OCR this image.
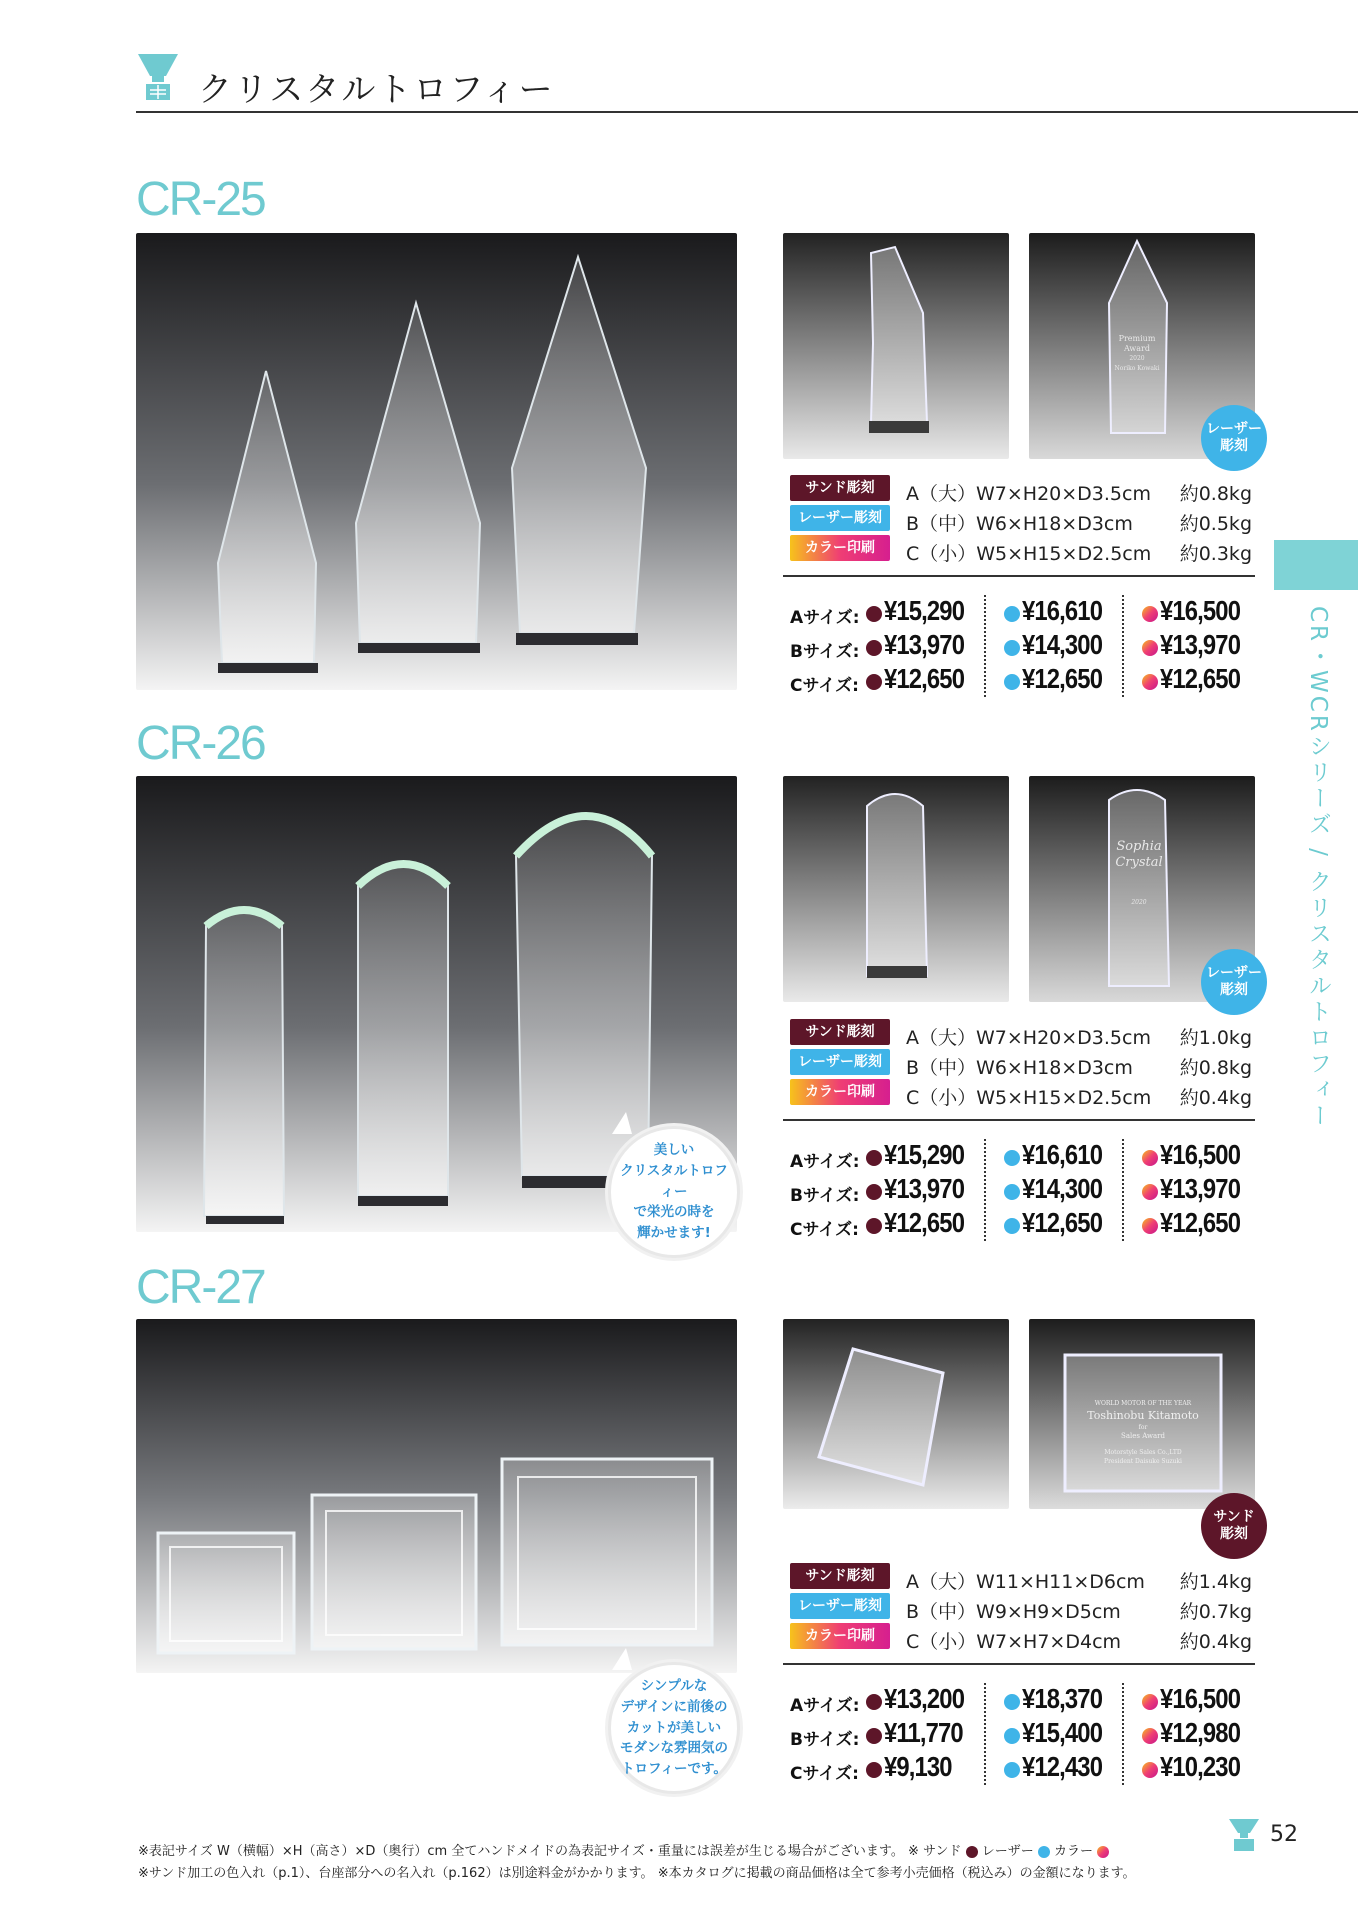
クリスタルトロフィー
CR・WCRシリーズ / クリスタルトロフィー
CR-25
Premium
Award
2020
Noriko Kowaki
レーザー
彫刻
サンド彫刻
レーザー彫刻
カラー印刷
A（大）W7×H20×D3.5cm
B（中）W6×H18×D3cm
C（小）W5×H15×D2.5cm
約0.8kg
約0.5kg
約0.3kg
Aサイズ: ¥15,290 ¥16,610 ¥16,500
Bサイズ: ¥13,970 ¥14,300 ¥13,970
Cサイズ: ¥12,650 ¥12,650 ¥12,650
CR-26
Sophia
Crystal
2020
レーザー
彫刻
美しい
クリスタルトロフィー
で栄光の時を
輝かせます!
サンド彫刻
レーザー彫刻
カラー印刷
A（大）W7×H20×D3.5cm
B（中）W6×H18×D3cm
C（小）W5×H15×D2.5cm
約1.0kg
約0.8kg
約0.4kg
Aサイズ: ¥15,290 ¥16,610 ¥16,500
Bサイズ: ¥13,970 ¥14,300 ¥13,970
Cサイズ: ¥12,650 ¥12,650 ¥12,650
CR-27
WORLD MOTOR OF THE YEAR
Toshinobu Kitamoto
for
Sales Award
Motorstyle Sales Co.,LTD
President Daisuke Suzuki
サンド
彫刻
シンプルな
デザインに前後の
カットが美しい
モダンな雰囲気の
トロフィーです。
サンド彫刻
レーザー彫刻
カラー印刷
A（大）W11×H11×D6cm
B（中）W9×H9×D5cm
C（小）W7×H7×D4cm
約1.4kg
約0.7kg
約0.4kg
Aサイズ: ¥13,200 ¥18,370 ¥16,500
Bサイズ: ¥11,770 ¥15,400 ¥12,980
Cサイズ: ¥9,130	¥12,430 ¥10,230
※表記サイズ W（横幅）×H（高さ）×D（奥行）cm 全てハンドメイドの為表記サイズ・重量には誤差が生じる場合がございます。 ※ サンド レーザー カラー
※サンド加工の色入れ（p.1）、台座部分への名入れ（p.162）は別途料金がかかります。 ※本カタログに掲載の商品価格は全て参考小売価格（税込み）の金額になります。
52
